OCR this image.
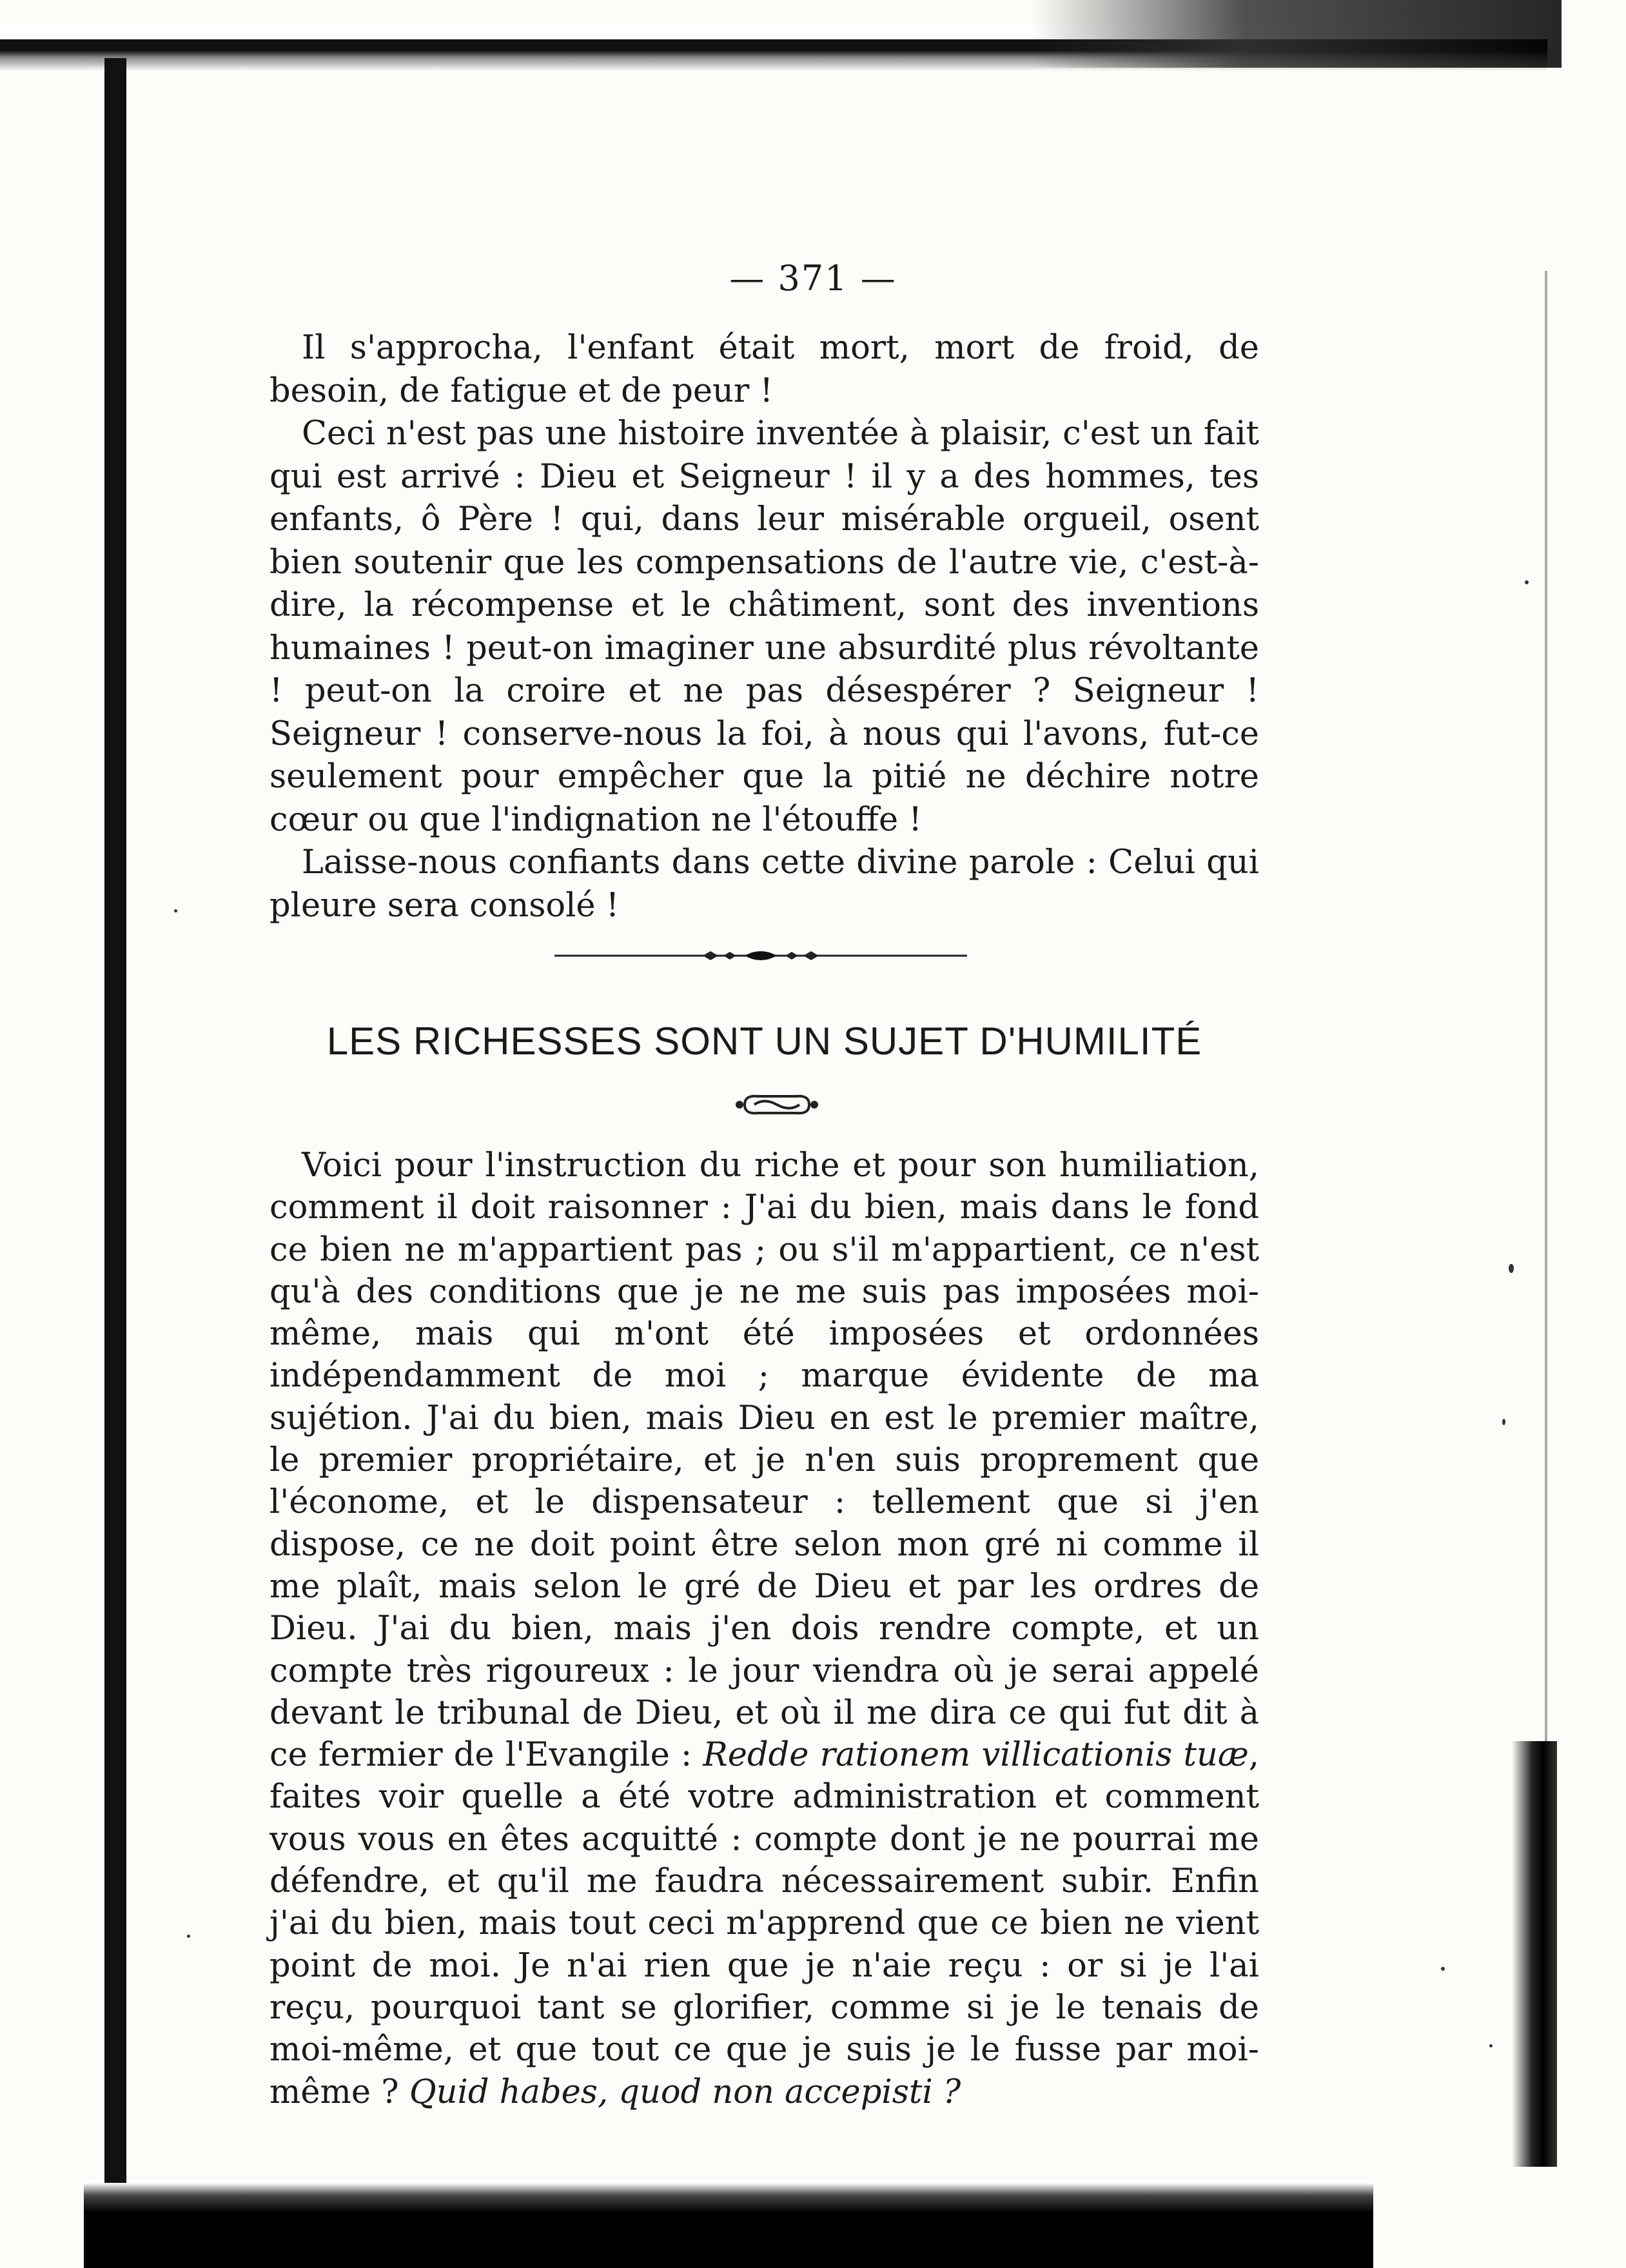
— 371 —

Il s'approcha, l'enfant était mort, mort de froid, de besoin, de fatigue et de peur !

Ceci n'est pas une histoire inventée à plaisir, c'est un fait qui est arrivé : Dieu et Seigneur ! il y a des hommes, tes enfants, ô Père ! qui, dans leur misérable orgueil, osent bien soutenir que les compensations de l'autre vie, c'est-à-dire, la récompense et le châtiment, sont des inventions humaines ! peut-on imaginer une absurdité plus révoltante ! peut-on la croire et ne pas désespérer ? Seigneur ! Seigneur ! conserve-nous la foi, à nous qui l'avons, fut-ce seulement pour empêcher que la pitié ne déchire notre cœur ou que l'indignation ne l'étouffe !

Laisse-nous confiants dans cette divine parole : Celui qui pleure sera consolé !

LES RICHESSES SONT UN SUJET D'HUMILITÉ

Voici pour l'instruction du riche et pour son humiliation, comment il doit raisonner : J'ai du bien, mais dans le fond ce bien ne m'appartient pas ; ou s'il m'appartient, ce n'est qu'à des conditions que je ne me suis pas imposées moi-même, mais qui m'ont été imposées et ordonnées indépendamment de moi ; marque évidente de ma sujétion. J'ai du bien, mais Dieu en est le premier maître, le premier propriétaire, et je n'en suis proprement que l'économe, et le dispensateur : tellement que si j'en dispose, ce ne doit point être selon mon gré ni comme il me plaît, mais selon le gré de Dieu et par les ordres de Dieu. J'ai du bien, mais j'en dois rendre compte, et un compte très rigoureux : le jour viendra où je serai appelé devant le tribunal de Dieu, et où il me dira ce qui fut dit à ce fermier de l'Evangile : Redde rationem villicationis tuæ, faites voir quelle a été votre administration et comment vous vous en êtes acquitté : compte dont je ne pourrai me défendre, et qu'il me faudra nécessairement subir. Enfin j'ai du bien, mais tout ceci m'apprend que ce bien ne vient point de moi. Je n'ai rien que je n'aie reçu : or si je l'ai reçu, pourquoi tant se glorifier, comme si je le tenais de moi-même, et que tout ce que je suis je le fusse par moi-même ? Quid habes, quod non accepisti ?
